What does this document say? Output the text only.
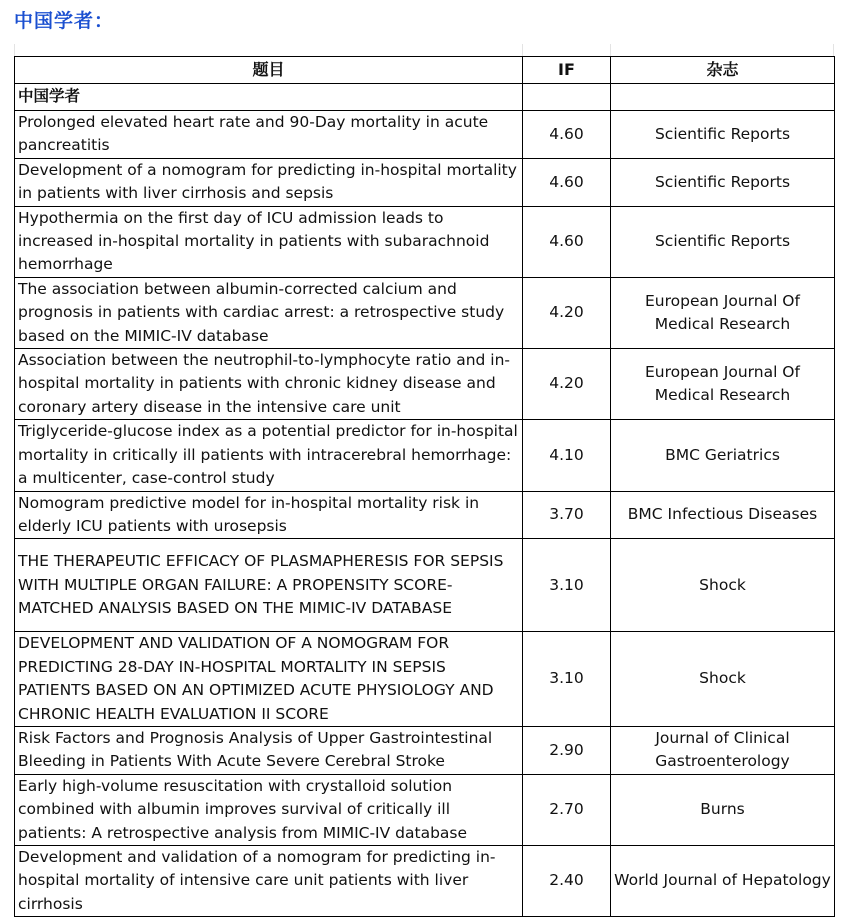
中国学者：
题目	IF	杂志
中国学者		
Prolonged elevated heart rate and 90-Day mortality in acute pancreatitis	4.60	Scientific Reports
Development of a nomogram for predicting in-hospital mortality in patients with liver cirrhosis and sepsis	4.60	Scientific Reports
Hypothermia on the first day of ICU admission leads to increased in-hospital mortality in patients with subarachnoid hemorrhage	4.60	Scientific Reports
The association between albumin-corrected calcium and prognosis in patients with cardiac arrest: a retrospective study based on the MIMIC-IV database	4.20	European Journal Of Medical Research
Association between the neutrophil-to-lymphocyte ratio and in-hospital mortality in patients with chronic kidney disease and coronary artery disease in the intensive care unit	4.20	European Journal Of Medical Research
Triglyceride-glucose index as a potential predictor for in-hospital mortality in critically ill patients with intracerebral hemorrhage: a multicenter, case-control study	4.10	BMC Geriatrics
Nomogram predictive model for in-hospital mortality risk in elderly ICU patients with urosepsis	3.70	BMC Infectious Diseases
THE THERAPEUTIC EFFICACY OF PLASMAPHERESIS FOR SEPSIS WITH MULTIPLE ORGAN FAILURE: A PROPENSITY SCORE-MATCHED ANALYSIS BASED ON THE MIMIC-IV DATABASE	3.10	Shock
DEVELOPMENT AND VALIDATION OF A NOMOGRAM FOR PREDICTING 28-DAY IN-HOSPITAL MORTALITY IN SEPSIS PATIENTS BASED ON AN OPTIMIZED ACUTE PHYSIOLOGY AND CHRONIC HEALTH EVALUATION II SCORE	3.10	Shock
Risk Factors and Prognosis Analysis of Upper Gastrointestinal Bleeding in Patients With Acute Severe Cerebral Stroke	2.90	Journal of Clinical Gastroenterology
Early high-volume resuscitation with crystalloid solution combined with albumin improves survival of critically ill patients: A retrospective analysis from MIMIC-IV database	2.70	Burns
Development and validation of a nomogram for predicting in-hospital mortality of intensive care unit patients with liver cirrhosis	2.40	World Journal of Hepatology
